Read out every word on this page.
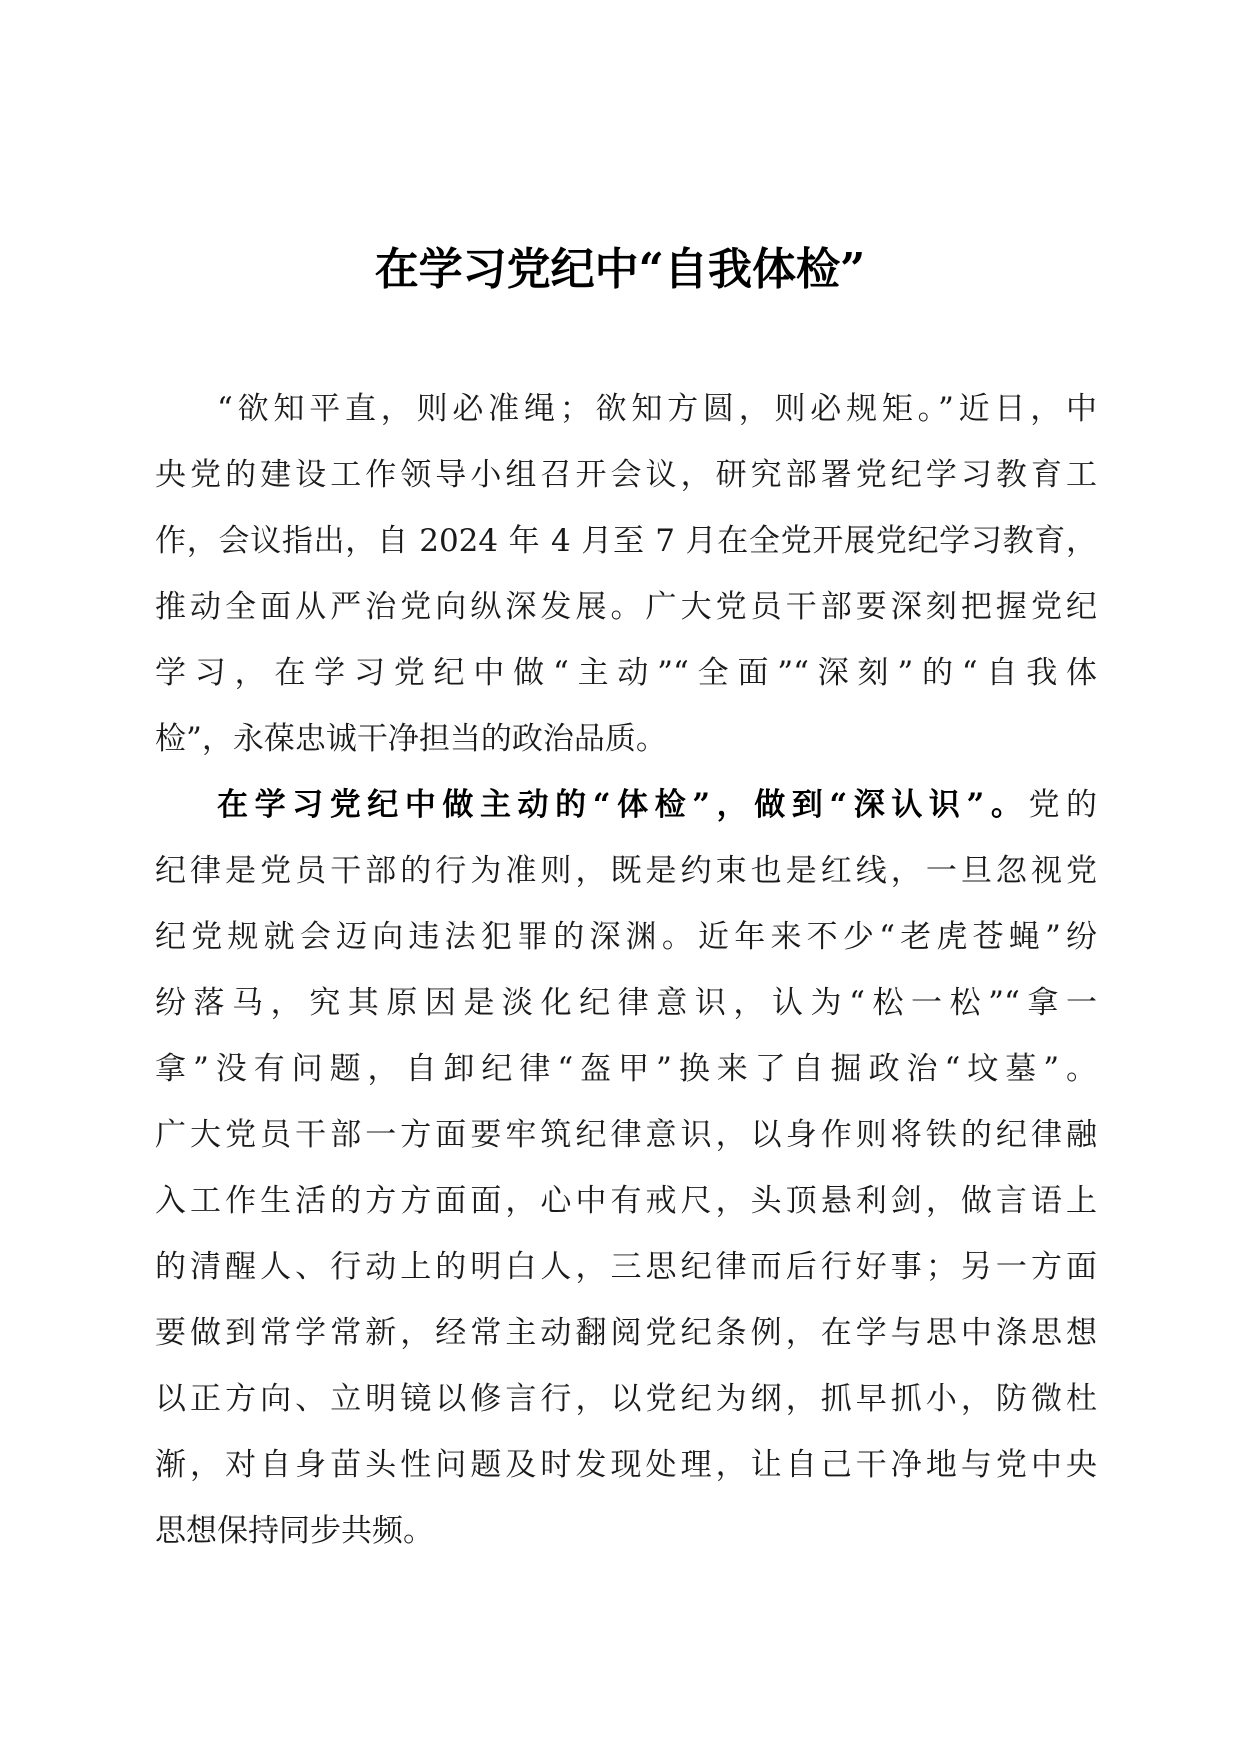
在学习党纪中“自我体检”
“欲知平直，则必准绳；欲知方圆，则必规矩。”近日，中
央党的建设工作领导小组召开会议，研究部署党纪学习教育工
作，会议指出，自 2024 年 4 月至 7 月在全党开展党纪学习教育，
推动全面从严治党向纵深发展。广大党员干部要深刻把握党纪
学习，在学习党纪中做“主动”“全面”“深刻”的“自我体
检”，永葆忠诚干净担当的政治品质。
在学习党纪中做主动的“体检”，做到“深认识”。党的
纪律是党员干部的行为准则，既是约束也是红线，一旦忽视党
纪党规就会迈向违法犯罪的深渊。近年来不少“老虎苍蝇”纷
纷落马，究其原因是淡化纪律意识，认为“松一松”“拿一
拿”没有问题，自卸纪律“盔甲”换来了自掘政治“坟墓”。
广大党员干部一方面要牢筑纪律意识，以身作则将铁的纪律融
入工作生活的方方面面，心中有戒尺，头顶悬利剑，做言语上
的清醒人、行动上的明白人，三思纪律而后行好事；另一方面
要做到常学常新，经常主动翻阅党纪条例，在学与思中涤思想
以正方向、立明镜以修言行，以党纪为纲，抓早抓小，防微杜
渐，对自身苗头性问题及时发现处理，让自己干净地与党中央
思想保持同步共频。
